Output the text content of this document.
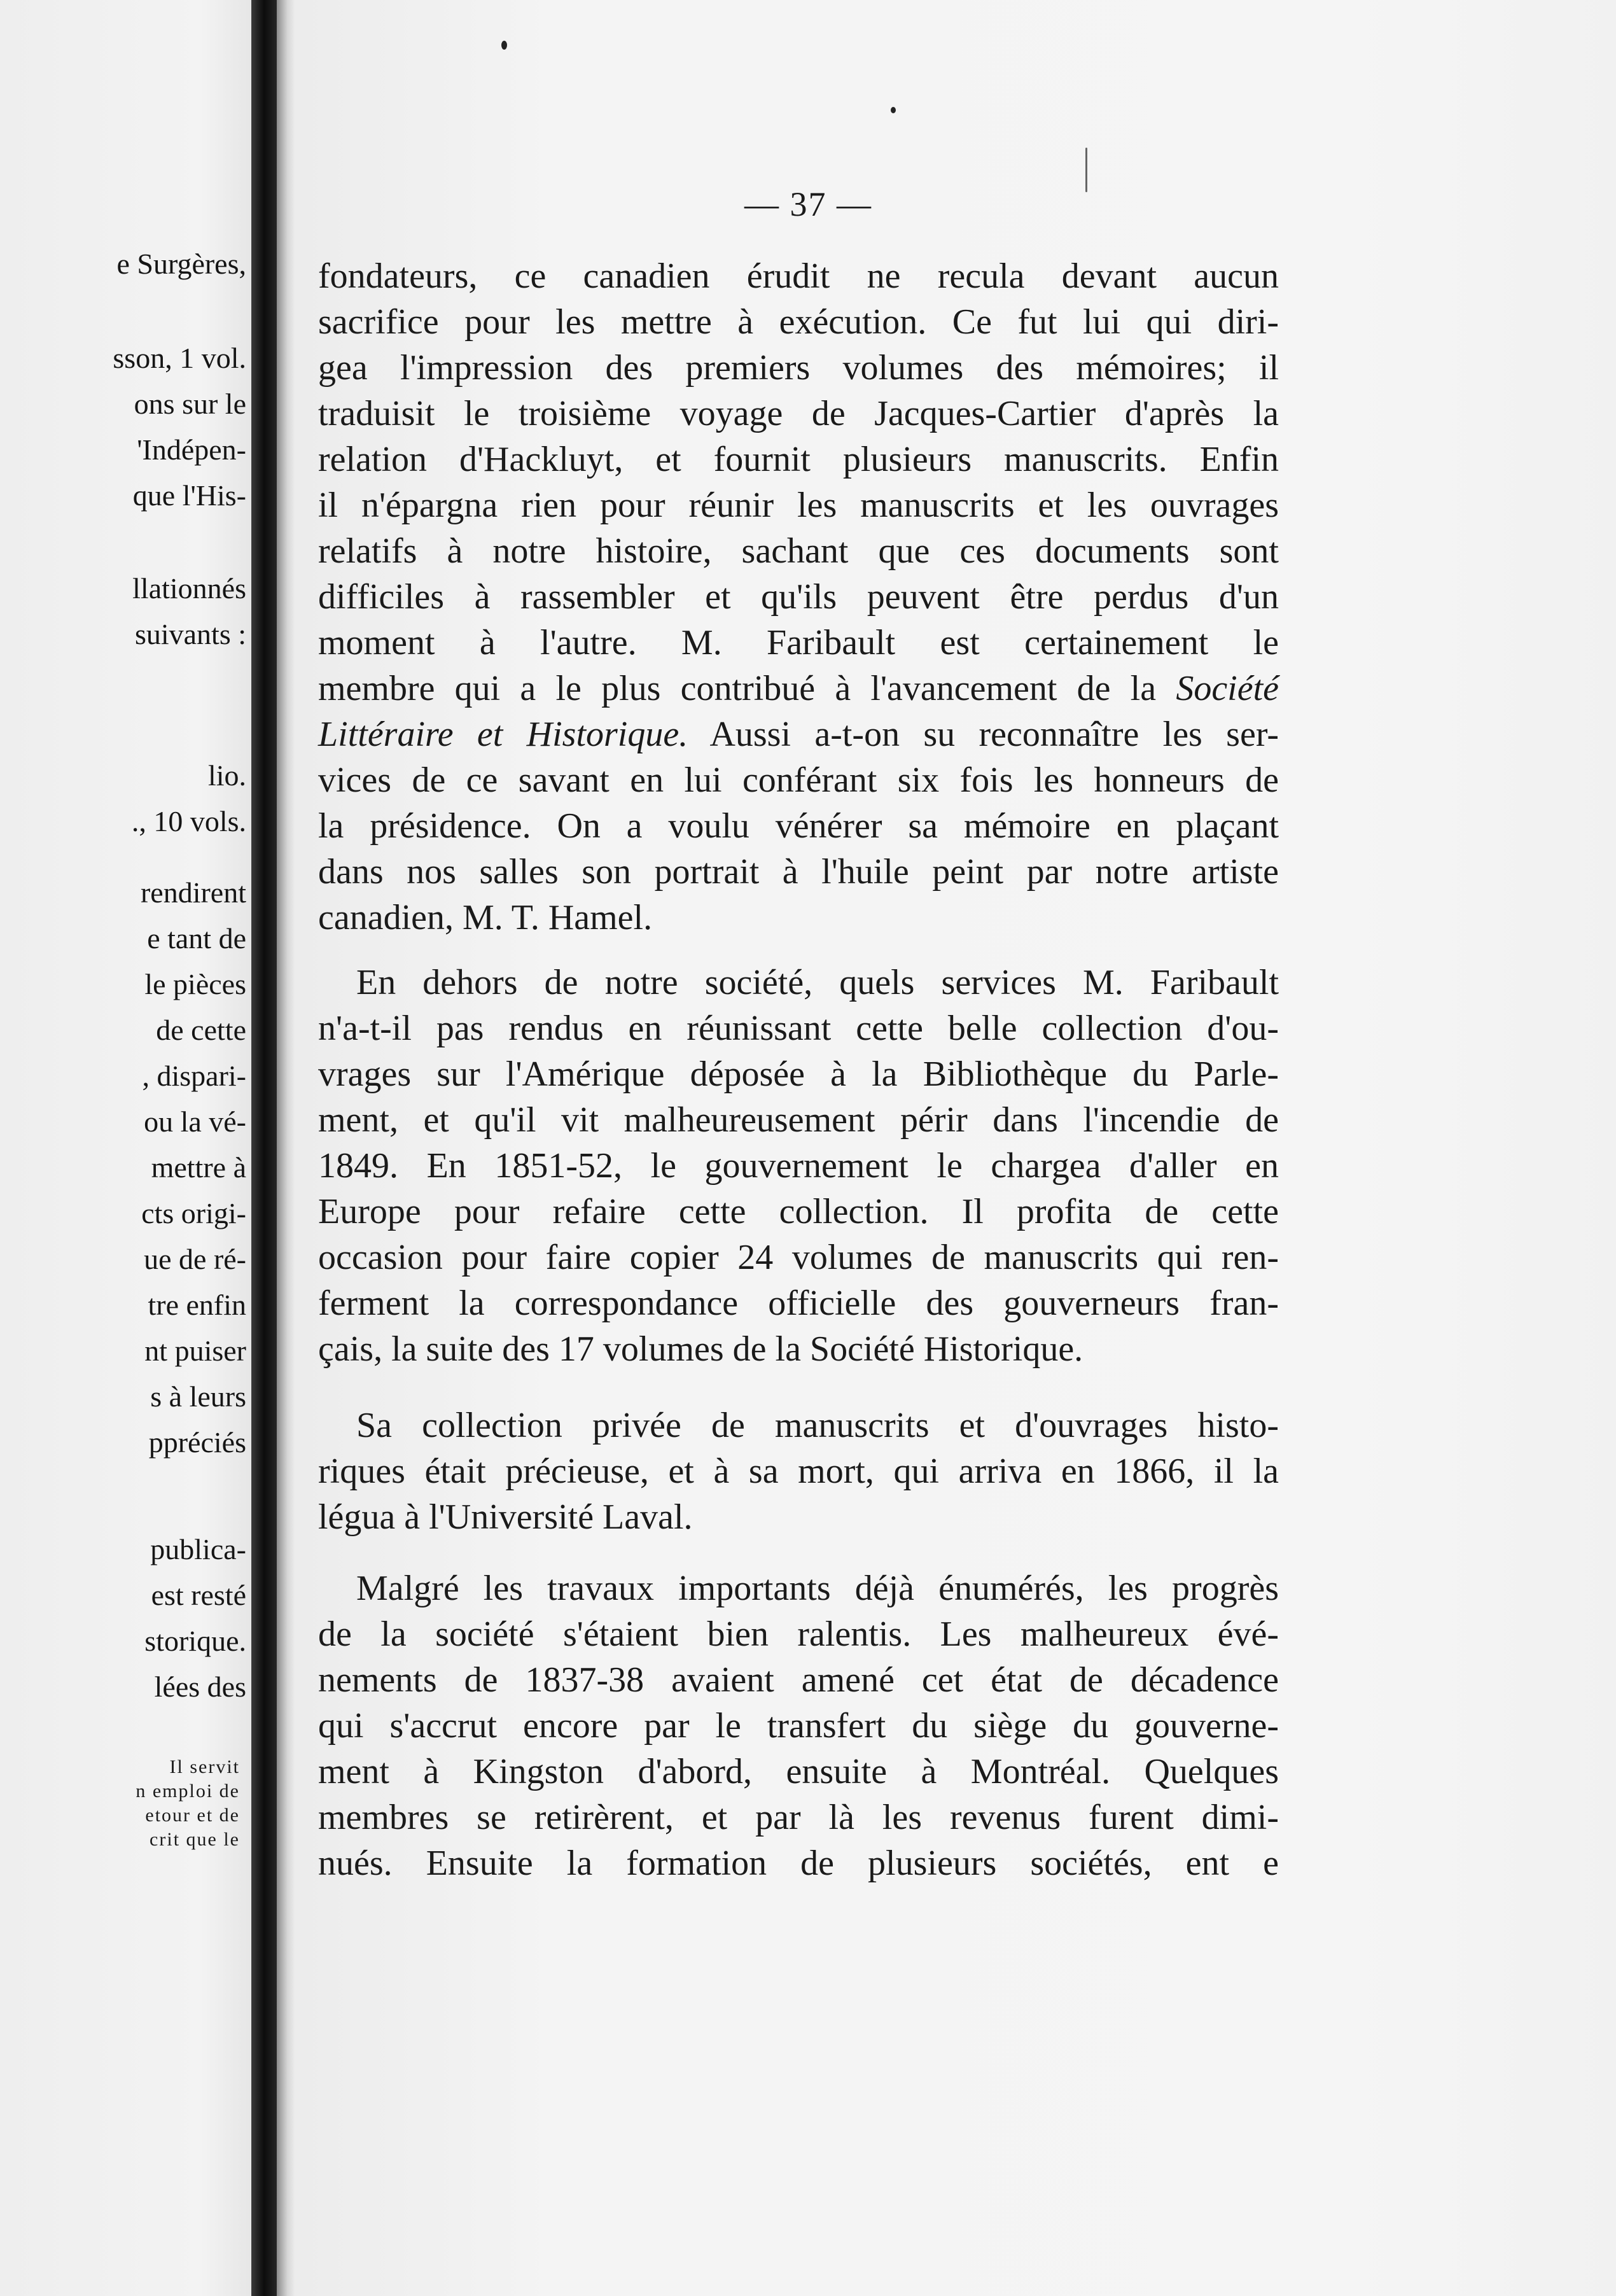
e Surgères,
sson, 1 vol.
ons sur le
'Indépen-
que l'His-
llationnés
suivants :
lio.
., 10 vols.
rendirent
e tant de
le pièces
de cette
, dispari-
ou la vé-
mettre à
cts origi-
ue de ré-
tre enfin
nt puiser
s à leurs
ppréciés
publica-
est resté
storique.
lées des
Il servit
n emploi de
etour et de
crit que le
— 37 —
fondateurs, ce canadien érudit ne recula devant aucun
sacrifice pour les mettre à exécution. Ce fut lui qui diri-
gea l'impression des premiers volumes des mémoires; il
traduisit le troisième voyage de Jacques-Cartier d'après la
relation d'Hackluyt, et fournit plusieurs manuscrits. Enfin
il n'épargna rien pour réunir les manuscrits et les ouvrages
relatifs à notre histoire, sachant que ces documents sont
difficiles à rassembler et qu'ils peuvent être perdus d'un
moment à l'autre. M. Faribault est certainement le
membre qui a le plus contribué à l'avancement de la Société
Littéraire et Historique. Aussi a-t-on su reconnaître les ser-
vices de ce savant en lui conférant six fois les honneurs de
la présidence. On a voulu vénérer sa mémoire en plaçant
dans nos salles son portrait à l'huile peint par notre artiste
canadien, M. T. Hamel.
En dehors de notre société, quels services M. Faribault
n'a-t-il pas rendus en réunissant cette belle collection d'ou-
vrages sur l'Amérique déposée à la Bibliothèque du Parle-
ment, et qu'il vit malheureusement périr dans l'incendie de
1849. En 1851-52, le gouvernement le chargea d'aller en
Europe pour refaire cette collection. Il profita de cette
occasion pour faire copier 24 volumes de manuscrits qui ren-
ferment la correspondance officielle des gouverneurs fran-
çais, la suite des 17 volumes de la Société Historique.
Sa collection privée de manuscrits et d'ouvrages histo-
riques était précieuse, et à sa mort, qui arriva en 1866, il la
légua à l'Université Laval.
Malgré les travaux importants déjà énumérés, les progrès
de la société s'étaient bien ralentis. Les malheureux évé-
nements de 1837-38 avaient amené cet état de décadence
qui s'accrut encore par le transfert du siège du gouverne-
ment à Kingston d'abord, ensuite à Montréal. Quelques
membres se retirèrent, et par là les revenus furent dimi-
nués. Ensuite la formation de plusieurs sociétés, ent e
